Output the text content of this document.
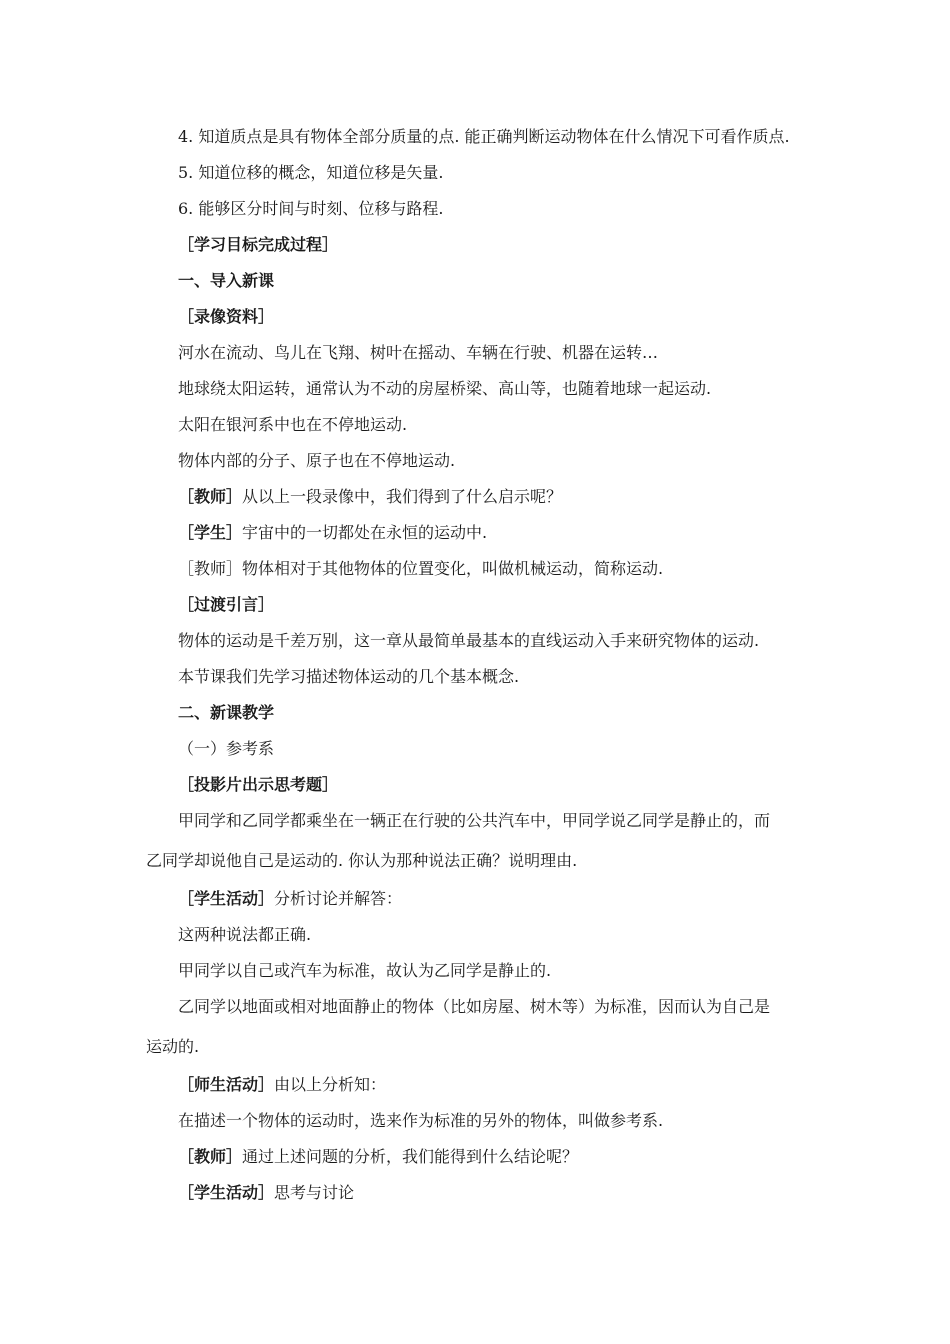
4. 知道质点是具有物体全部分质量的点. 能正确判断运动物体在什么情况下可看作质点.
5. 知道位移的概念，知道位移是矢量.
6. 能够区分时间与时刻、位移与路程.
［学习目标完成过程］
一、导入新课
［录像资料］
河水在流动、鸟儿在飞翔、树叶在摇动、车辆在行驶、机器在运转…
地球绕太阳运转，通常认为不动的房屋桥梁、高山等，也随着地球一起运动.
太阳在银河系中也在不停地运动.
物体内部的分子、原子也在不停地运动.
［教师］从以上一段录像中，我们得到了什么启示呢？
［学生］宇宙中的一切都处在永恒的运动中.
［教师］物体相对于其他物体的位置变化，叫做机械运动，简称运动.
［过渡引言］
物体的运动是千差万别，这一章从最简单最基本的直线运动入手来研究物体的运动.
本节课我们先学习描述物体运动的几个基本概念.
二、新课教学
（一）参考系
［投影片出示思考题］
甲同学和乙同学都乘坐在一辆正在行驶的公共汽车中，甲同学说乙同学是静止的，而
乙同学却说他自己是运动的. 你认为那种说法正确？说明理由.
［学生活动］分析讨论并解答：
这两种说法都正确.
甲同学以自己或汽车为标准，故认为乙同学是静止的.
乙同学以地面或相对地面静止的物体（比如房屋、树木等）为标准，因而认为自己是
运动的.
［师生活动］由以上分析知：
在描述一个物体的运动时，选来作为标准的另外的物体，叫做参考系.
［教师］通过上述问题的分析，我们能得到什么结论呢？
［学生活动］思考与讨论
